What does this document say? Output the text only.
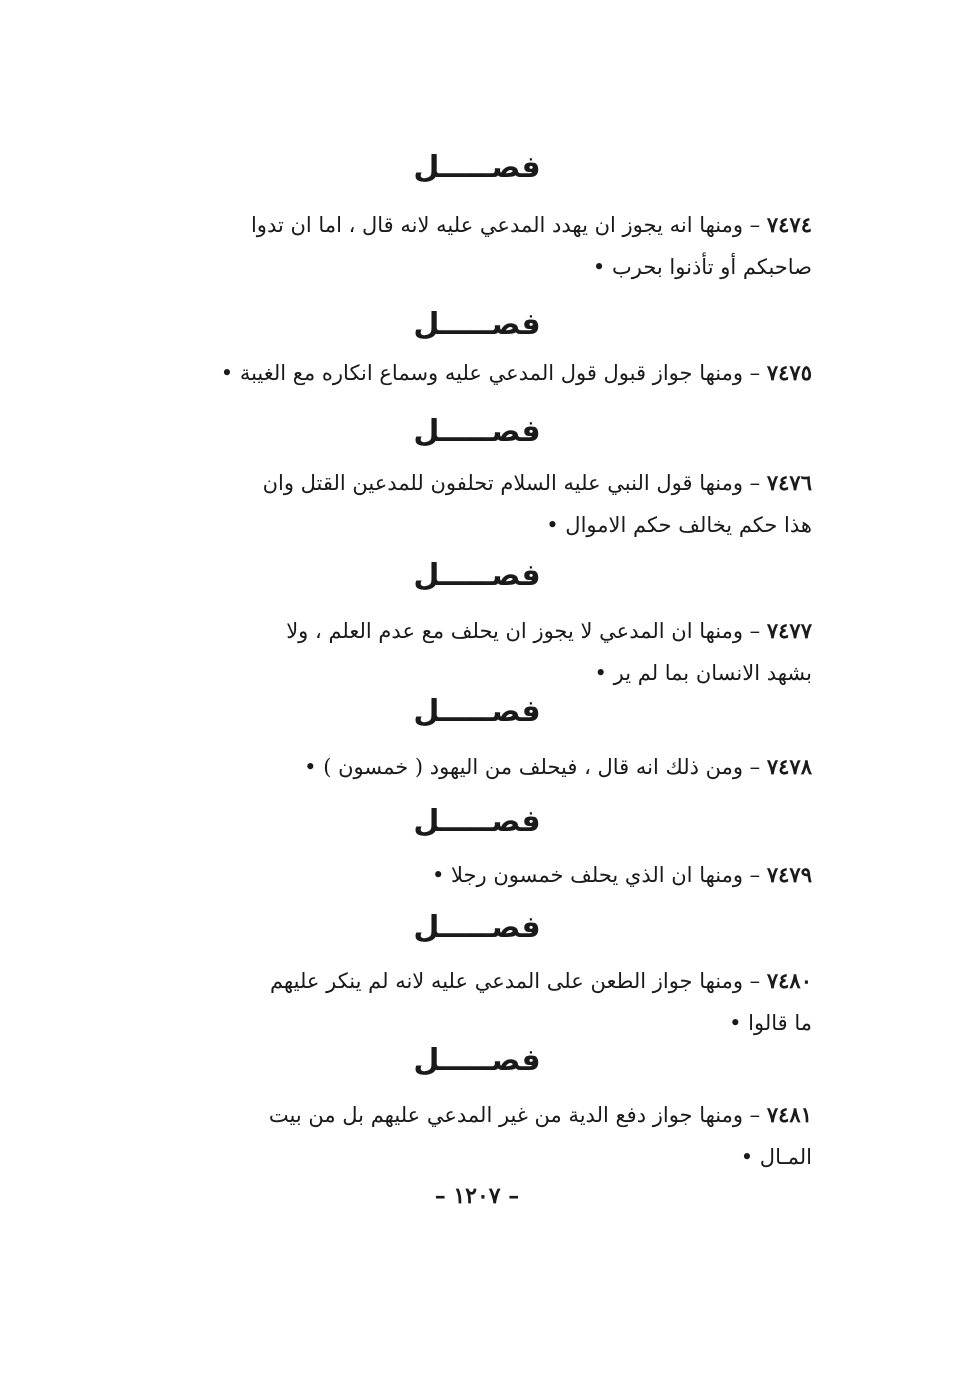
فصـــــل
٧٤٧٤ – ومنها انه يجوز ان يهدد المدعي عليه لانه قال ، اما ان تدوا
صاحبكم أو تأذنوا بحرب •
فصـــــل
٧٤٧٥ – ومنها جواز قبول قول المدعي عليه وسماع انكاره مع الغيبة •
فصـــــل
٧٤٧٦ – ومنها قول النبي عليه السلام تحلفون للمدعين القتل وان
هذا حكم يخالف حكم الاموال •
فصـــــل
٧٤٧٧ – ومنها ان المدعي لا يجوز ان يحلف مع عدم العلم ، ولا
بشهد الانسان بما لم ير •
فصـــــل
٧٤٧٨ – ومن ذلك انه قال ، فيحلف من اليهود ( خمسون ) •
فصـــــل
٧٤٧٩ – ومنها ان الذي يحلف خمسون رجلا •
فصـــــل
٧٤٨٠ – ومنها جواز الطعن على المدعي عليه لانه لم ينكر عليهم
ما قالوا •
فصـــــل
٧٤٨١ – ومنها جواز دفع الدية من غير المدعي عليهم بل من بيت
المـال •
– ١٢٠٧ –
